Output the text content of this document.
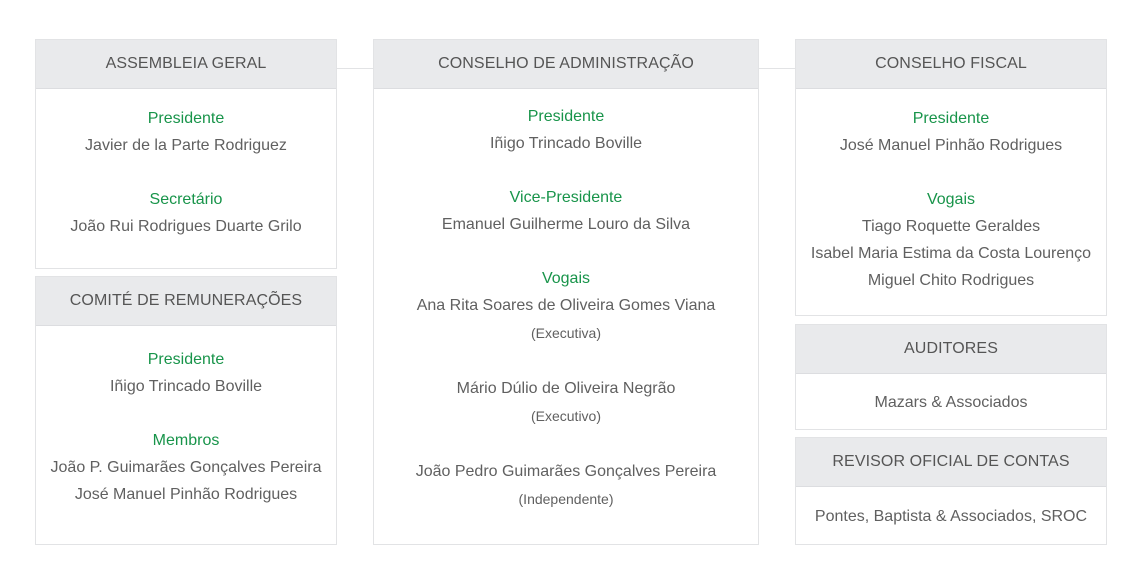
ASSEMBLEIA GERAL
Presidente
Javier de la Parte Rodriguez
Secretário
João Rui Rodrigues Duarte Grilo
COMITÉ DE REMUNERAÇÕES
Presidente
Iñigo Trincado Boville
Membros
João P. Guimarães Gonçalves Pereira
José Manuel Pinhão Rodrigues
CONSELHO DE ADMINISTRAÇÃO
Presidente
Iñigo Trincado Boville
Vice-Presidente
Emanuel Guilherme Louro da Silva
Vogais
Ana Rita Soares de Oliveira Gomes Viana
(Executiva)
Mário Dúlio de Oliveira Negrão
(Executivo)
João Pedro Guimarães Gonçalves Pereira
(Independente)
CONSELHO FISCAL
Presidente
José Manuel Pinhão Rodrigues
Vogais
Tiago Roquette Geraldes
Isabel Maria Estima da Costa Lourenço
Miguel Chito Rodrigues
AUDITORES
Mazars & Associados
REVISOR OFICIAL DE CONTAS
Pontes, Baptista & Associados, SROC
